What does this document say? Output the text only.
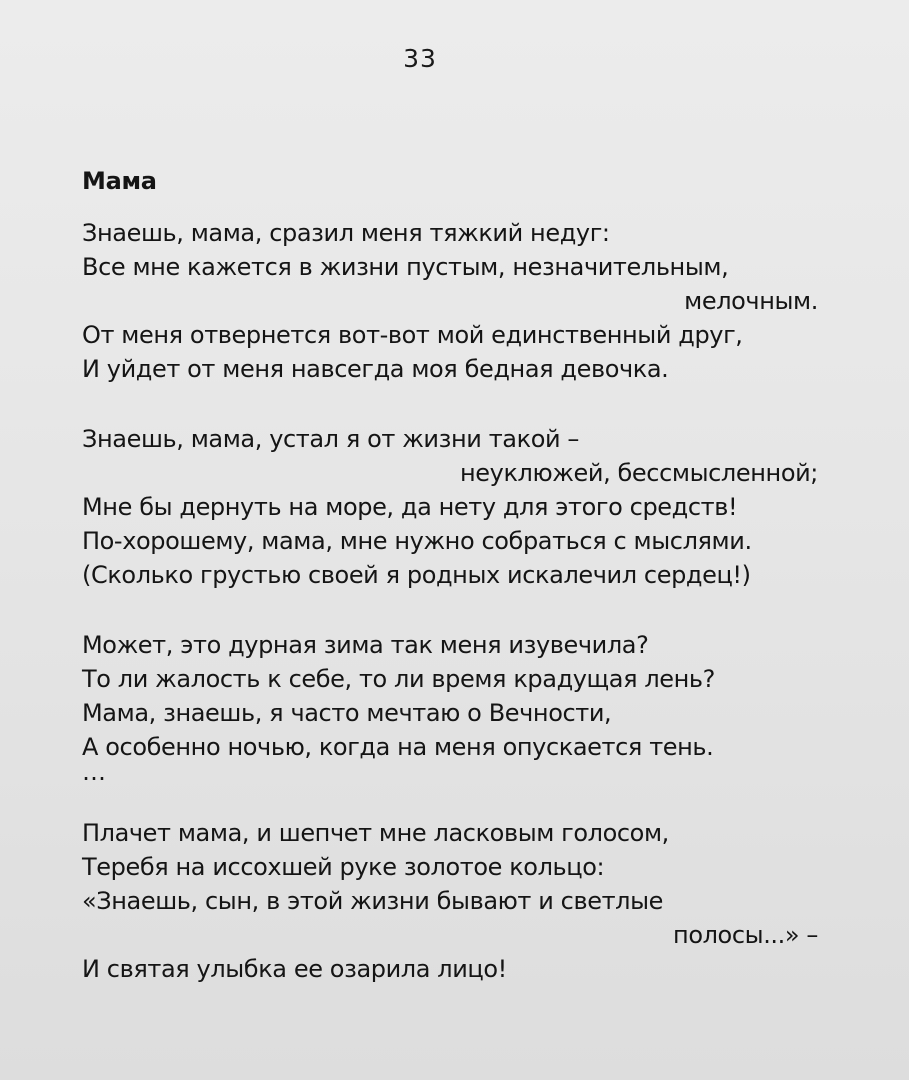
33
Мама
Знаешь, мама, сразил меня тяжкий недуг:
Все мне кажется в жизни пустым, незначительным,
мелочным.
От меня отвернется вот-вот мой единственный друг,
И уйдет от меня навсегда моя бедная девочка.
Знаешь, мама, устал я от жизни такой –
неуклюжей, бессмысленной;
Мне бы дернуть на море, да нету для этого средств!
По-хорошему, мама, мне нужно собраться с мыслями.
(Сколько грустью своей я родных искалечил сердец!)
Может, это дурная зима так меня изувечила?
То ли жалость к себе, то ли время крадущая лень?
Мама, знаешь, я часто мечтаю о Вечности,
А особенно ночью, когда на меня опускается тень.
…
Плачет мама, и шепчет мне ласковым голосом,
Теребя на иссохшей руке золотое кольцо:
«Знаешь, сын, в этой жизни бывают и светлые
полосы...» –
И святая улыбка ее озарила лицо!
